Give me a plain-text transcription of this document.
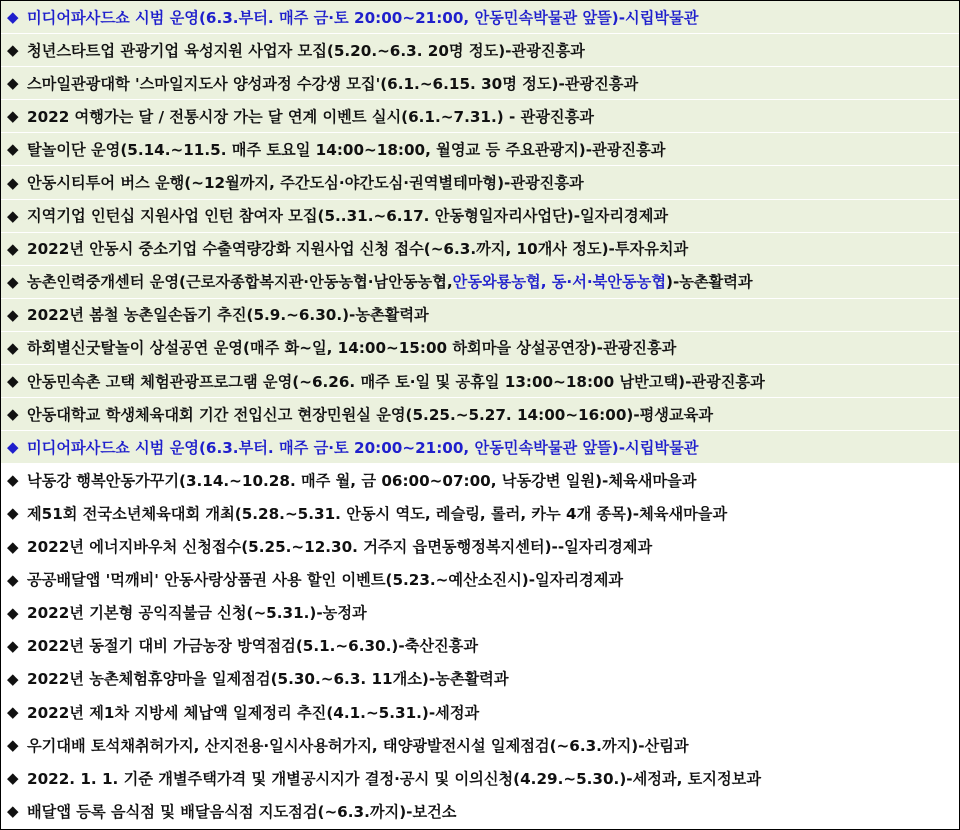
◆ 미디어파사드쇼 시범 운영(6.3.부터. 매주 금·토 20:00~21:00, 안동민속박물관 앞뜰)-시립박물관
◆ 청년스타트업 관광기업 육성지원 사업자 모집(5.20.~6.3. 20명 정도)-관광진흥과
◆ 스마일관광대학 '스마일지도사 양성과정 수강생 모집'(6.1.~6.15. 30명 정도)-관광진흥과
◆ 2022 여행가는 달 / 전통시장 가는 달 연계 이벤트 실시(6.1.~7.31.) - 관광진흥과
◆ 탈놀이단 운영(5.14.~11.5. 매주 토요일 14:00~18:00, 월영교 등 주요관광지)-관광진흥과
◆ 안동시티투어 버스 운행(~12월까지, 주간도심·야간도심·권역별테마형)-관광진흥과
◆ 지역기업 인턴십 지원사업 인턴 참여자 모집(5..31.~6.17. 안동형일자리사업단)-일자리경제과
◆ 2022년 안동시 중소기업 수출역량강화 지원사업 신청 접수(~6.3.까지, 10개사 정도)-투자유치과
◆ 농촌인력중개센터 운영(근로자종합복지관·안동농협·남안동농협, 안동와룡농협, 동·서·북안동농협 )-농촌활력과
◆ 2022년 봄철 농촌일손돕기 추진(5.9.~6.30.)-농촌활력과
◆ 하회별신굿탈놀이 상설공연 운영(매주 화~일, 14:00~15:00 하회마을 상설공연장)-관광진흥과
◆ 안동민속촌 고택 체험관광프로그램 운영(~6.26. 매주 토·일 및 공휴일 13:00~18:00 남반고택)-관광진흥과
◆ 안동대학교 학생체육대회 기간 전입신고 현장민원실 운영(5.25.~5.27. 14:00~16:00)-평생교육과
◆ 미디어파사드쇼 시범 운영(6.3.부터. 매주 금·토 20:00~21:00, 안동민속박물관 앞뜰)-시립박물관
◆ 낙동강 행복안동가꾸기(3.14.~10.28. 매주 월, 금 06:00~07:00, 낙동강변 일원)-체육새마을과
◆ 제51회 전국소년체육대회 개최(5.28.~5.31. 안동시 역도, 레슬링, 롤러, 카누 4개 종목)-체육새마을과
◆ 2022년 에너지바우처 신청접수(5.25.~12.30. 거주지 읍면동행정복지센터)--일자리경제과
◆ 공공배달앱 '먹깨비' 안동사랑상품권 사용 할인 이벤트(5.23.~예산소진시)-일자리경제과
◆ 2022년 기본형 공익직불금 신청(~5.31.)-농정과
◆ 2022년 동절기 대비 가금농장 방역점검(5.1.~6.30.)-축산진흥과
◆ 2022년 농촌체험휴양마을 일제점검(5.30.~6.3. 11개소)-농촌활력과
◆ 2022년 제1차 지방세 체납액 일제정리 추진(4.1.~5.31.)-세정과
◆ 우기대배 토석채취허가지, 산지전용·일시사용허가지, 태양광발전시설 일제점검(~6.3.까지)-산림과
◆ 2022. 1. 1. 기준 개별주택가격 및 개별공시지가 결정·공시 및 이의신청(4.29.~5.30.)-세정과, 토지정보과
◆ 배달앱 등록 음식점 및 배달음식점 지도점검(~6.3.까지)-보건소
